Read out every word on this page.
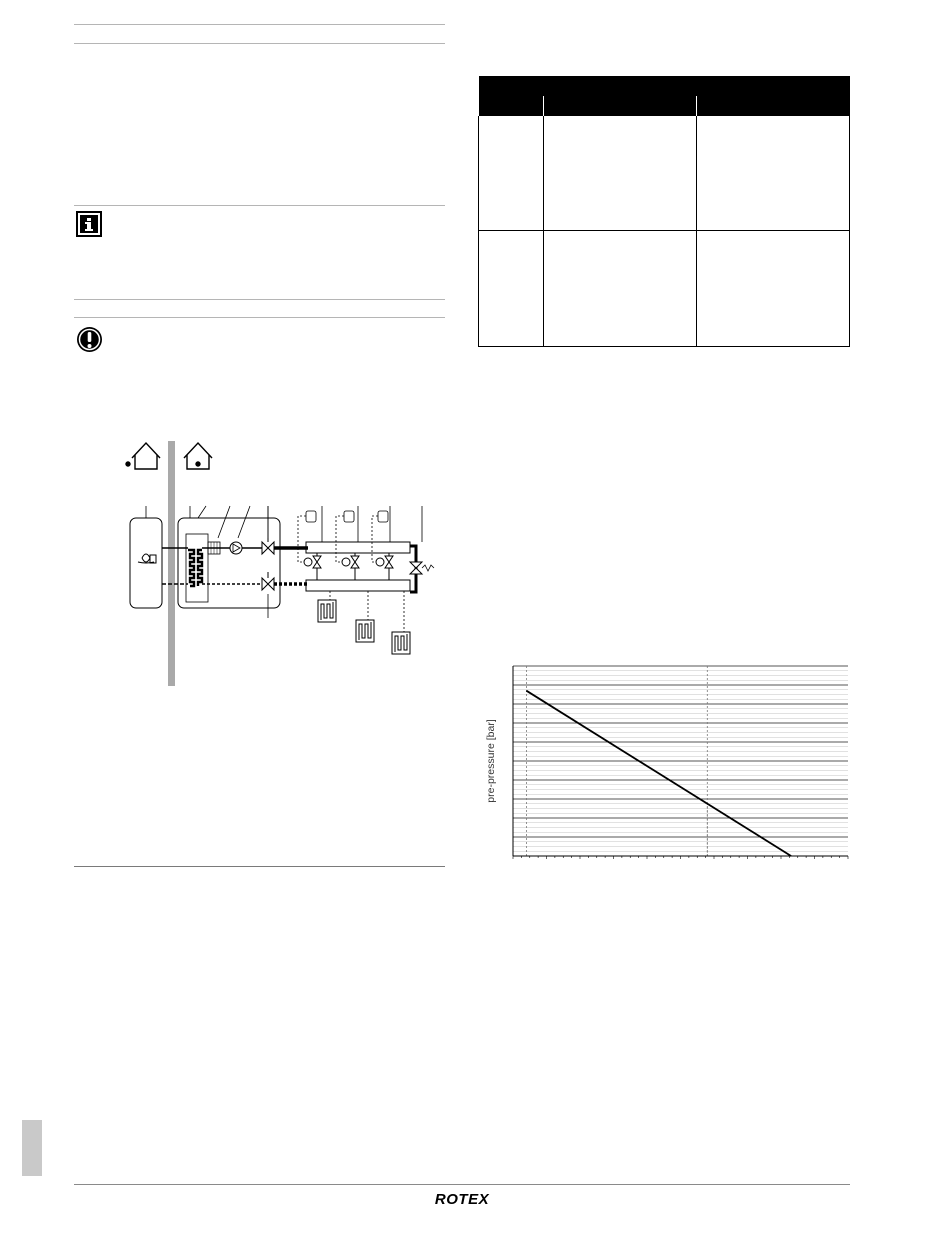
pre-pressure [bar]
ROTEX
